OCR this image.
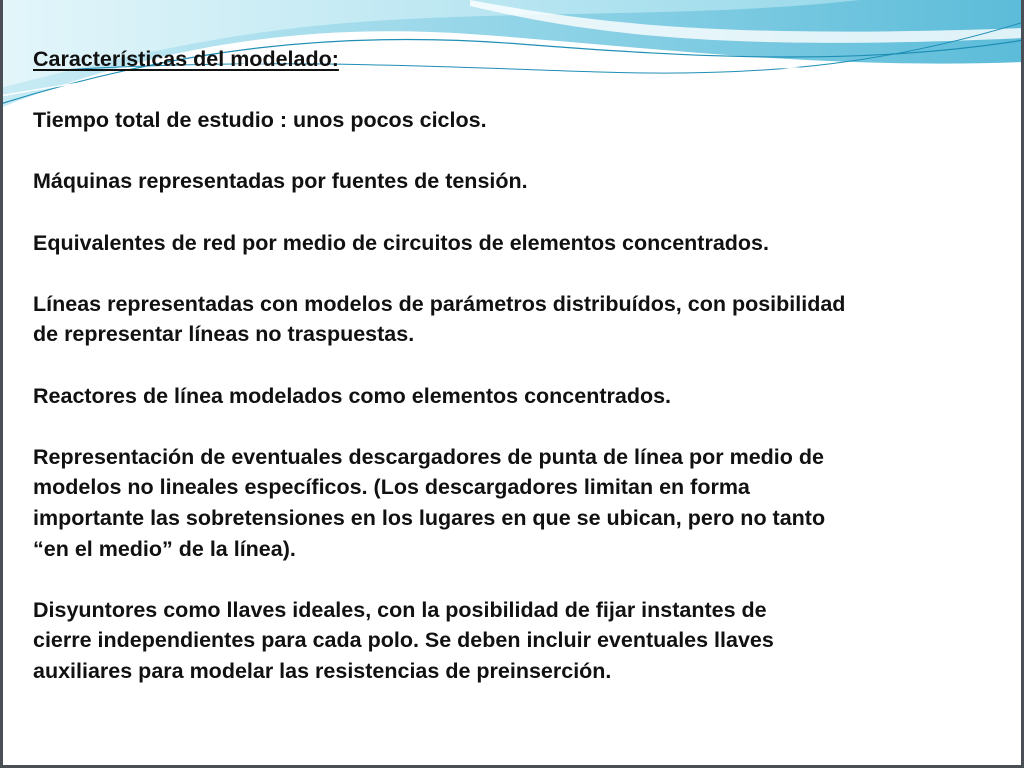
Características del modelado:

Tiempo total de estudio : unos pocos ciclos.

Máquinas representadas por fuentes de tensión.

Equivalentes de red por medio de circuitos de elementos concentrados.

Líneas representadas con modelos de parámetros distribuídos, con posibilidad
de representar líneas no traspuestas.

Reactores de línea modelados como elementos concentrados.

Representación de eventuales descargadores de punta de línea por medio de
modelos no lineales específicos. (Los descargadores limitan en forma
importante las sobretensiones en los lugares en que se ubican, pero no tanto
“en el medio” de la línea).

Disyuntores como llaves ideales, con la posibilidad de fijar instantes de
cierre independientes para cada polo. Se deben incluir eventuales llaves
auxiliares para modelar las resistencias de preinserción.
